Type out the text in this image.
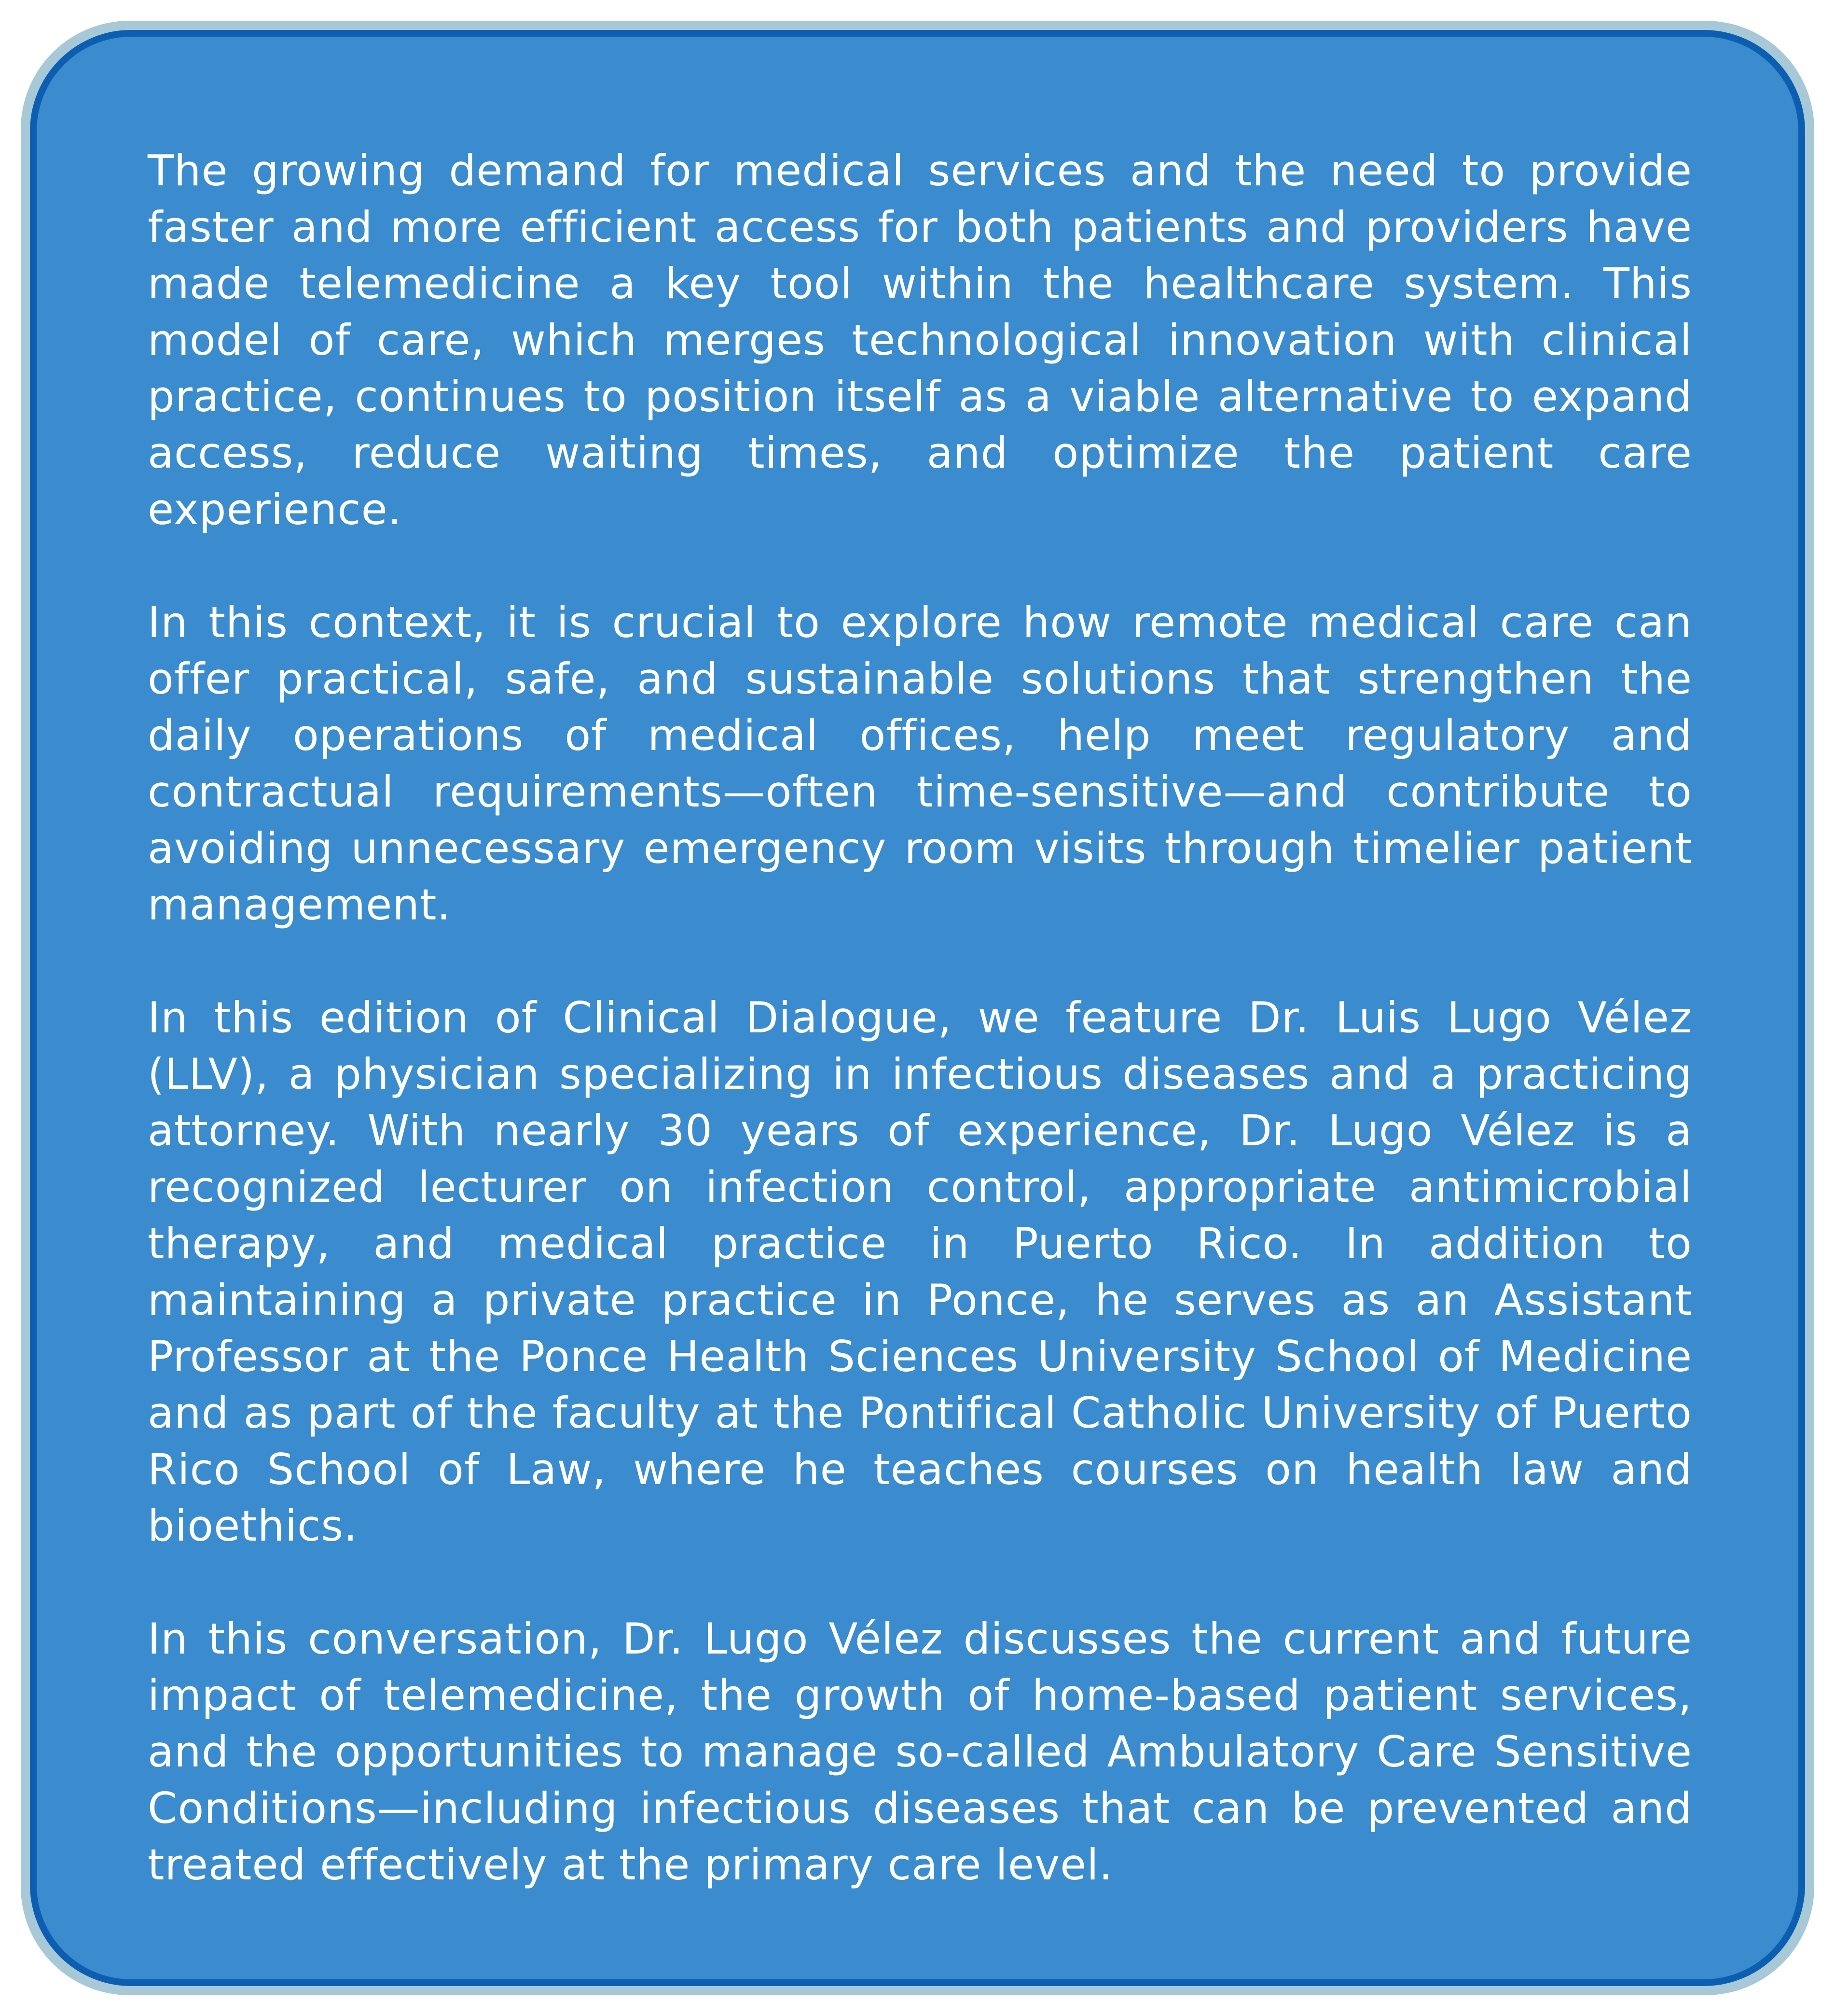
The growing demand for medical services and the need to provide faster and more efficient access for both patients and providers have made telemedicine a key tool within the healthcare system. This model of care, which merges technological innovation with clinical practice, continues to position itself as a viable alternative to expand access, reduce waiting times, and optimize the patient care experience.

In this context, it is crucial to explore how remote medical care can offer practical, safe, and sustainable solutions that strengthen the daily operations of medical offices, help meet regulatory and contractual requirements—often time-sensitive—and contribute to avoiding unnecessary emergency room visits through timelier patient management.

In this edition of Clinical Dialogue, we feature Dr. Luis Lugo Vélez (LLV), a physician specializing in infectious diseases and a practicing attorney. With nearly 30 years of experience, Dr. Lugo Vélez is a recognized lecturer on infection control, appropriate antimicrobial therapy, and medical practice in Puerto Rico. In addition to maintaining a private practice in Ponce, he serves as an Assistant Professor at the Ponce Health Sciences University School of Medicine and as part of the faculty at the Pontifical Catholic University of Puerto Rico School of Law, where he teaches courses on health law and bioethics.

In this conversation, Dr. Lugo Vélez discusses the current and future impact of telemedicine, the growth of home-based patient services, and the opportunities to manage so-called Ambulatory Care Sensitive Conditions—including infectious diseases that can be prevented and treated effectively at the primary care level.
